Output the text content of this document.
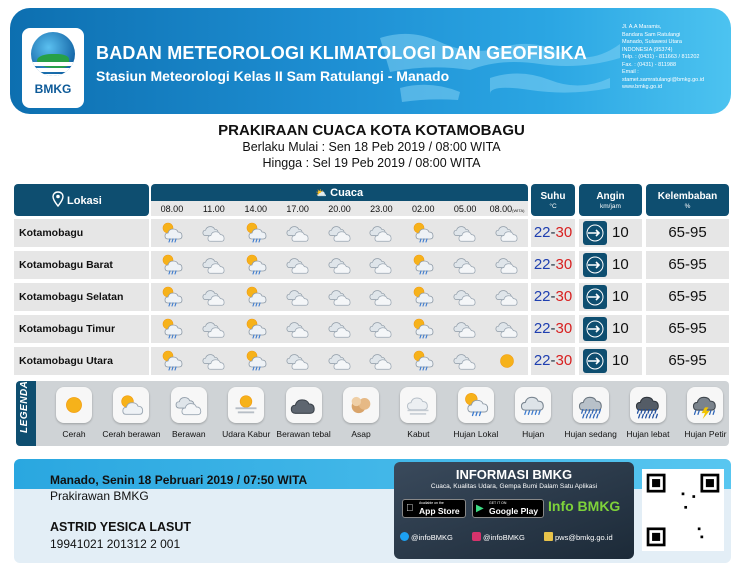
BMKG
BADAN METEOROLOGI KLIMATOLOGI DAN GEOFISIKA
Stasiun Meteorologi Kelas II Sam Ratulangi - Manado
Jl. A.A Maramis,
Bandara Sam Ratulangi
Manado, Sulawesi Utara
INDONESIA (95374)
Telp. : (0431) - 811663 / 811202
Fax. : (0431) - 811988
Email :
stamet.samratulangi@bmkg.go.id
www.bmkg.go.id
PRAKIRAAN CUACA KOTA KOTAMOBAGU
Berlaku Mulai : Sen 18 Peb 2019 / 08:00 WITA
Hingga : Sel 19 Peb 2019 / 08:00 WITA
Lokasi
⛅ Cuaca
08.00	11.00	14.00	17.00	20.00	23.00	02.00	05.00	08.00(WITA)
Suhu
°C
Angin
km/jam
Kelembaban
%
Kotamobagu	22-30	10	65-95
Kotamobagu Barat	22-30	10	65-95
Kotamobagu Selatan	22-30	10	65-95
Kotamobagu Timur	22-30	10	65-95
Kotamobagu Utara	22-30	10	65-95
LEGENDA
Cerah	Cerah berawan	Berawan	Udara Kabur Berawan tebal	Asap	Kabut	Hujan Lokal	Hujan	Hujan sedang	Hujan lebat	Hujan Petir
Manado, Senin 18 Pebruari 2019 / 07:50 WITA
Prakirawan BMKG
ASTRID YESICA LASUT
19941021 201312 2 001
INFORMASI BMKG
Cuaca, Kualitas Udara, Gempa Bumi Dalam Satu Aplikasi
Available on the
App Store ▶	GET IT ON
Google Play Info BMKG
@infoBMKG	@infoBMKG	pws@bmkg.go.id
